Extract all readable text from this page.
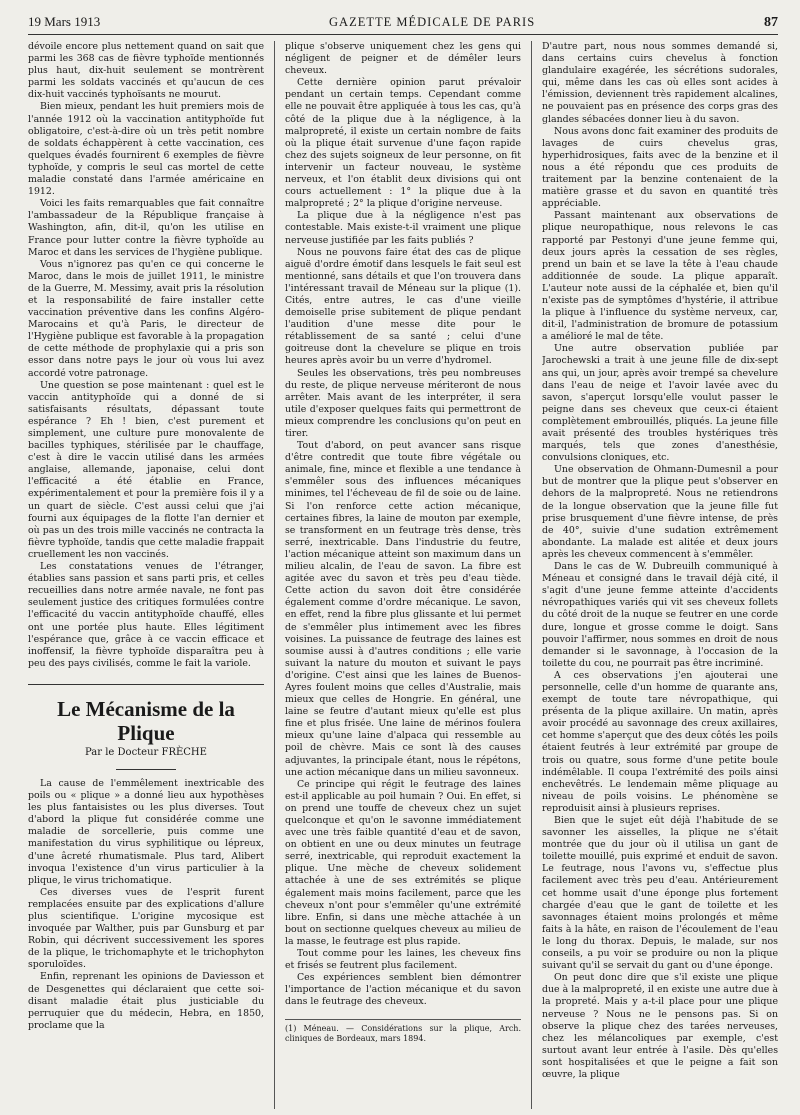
19 Mars 1913	GAZETTE MÉDICALE DE PARIS	87

dévoile encore plus nettement quand on sait que parmi les 368 cas de fièvre typhoïde mentionnés plus haut, dix-huit seulement se montrèrent parmi les soldats vaccinés et qu'aucun de ces dix-huit vaccinés typhoïsants ne mourut.

Bien mieux, pendant les huit premiers mois de l'année 1912 où la vaccination antityphoïde fut obligatoire, c'est-à-dire où un très petit nombre de soldats échappèrent à cette vaccination, ces quelques évadés fournirent 6 exemples de fièvre typhoïde, y compris le seul cas mortel de cette maladie constaté dans l'armée américaine en 1912.

Voici les faits remarquables que fait connaître l'ambassadeur de la République française à Washington, afin, dit-il, qu'on les utilise en France pour lutter contre la fièvre typhoïde au Maroc et dans les services de l'hygiène publique.

Vous n'ignorez pas qu'en ce qui concerne le Maroc, dans le mois de juillet 1911, le ministre de la Guerre, M. Messimy, avait pris la résolution et la responsabilité de faire installer cette vaccination préventive dans les confins Algéro-Marocains et qu'à Paris, le directeur de l'Hygiène publique est favorable à la propagation de cette méthode de prophylaxie qui a pris son essor dans notre pays le jour où vous lui avez accordé votre patronage.

Une question se pose maintenant : quel est le vaccin antityphoïde qui a donné de si satisfaisants résultats, dépassant toute espérance ? Eh ! bien, c'est purement et simplement, une culture pure monovalente de bacilles typhiques, stérilisée par le chauffage, c'est à dire le vaccin utilisé dans les armées anglaise, allemande, japonaise, celui dont l'efficacité a été établie en France, expérimentalement et pour la première fois il y a un quart de siècle. C'est aussi celui que j'ai fourni aux équipages de la flotte l'an dernier et où pas un des trois mille vaccinés ne contracta la fièvre typhoïde, tandis que cette maladie frappait cruellement les non vaccinés.

Les constatations venues de l'étranger, établies sans passion et sans parti pris, et celles recueillies dans notre armée navale, ne font pas seulement justice des critiques formulées contre l'efficacité du vaccin antityphoïde chauffé, elles ont une portée plus haute. Elles légitiment l'espérance que, grâce à ce vaccin efficace et inoffensif, la fièvre typhoïde disparaîtra peu à peu des pays civilisés, comme le fait la variole.

Le Mécanisme de la Plique
Par le Docteur FRÈCHE

La cause de l'emmêlement inextricable des poils ou « plique » a donné lieu aux hypothèses les plus fantaisistes ou les plus diverses. Tout d'abord la plique fut considérée comme une maladie de sorcellerie, puis comme une manifestation du virus syphilitique ou lépreux, d'une âcreté rhumatismale. Plus tard, Alibert invoqua l'existence d'un virus particulier à la plique, le virus trichomatique.

Ces diverses vues de l'esprit furent remplacées ensuite par des explications d'allure plus scientifique. L'origine mycosique est invoquée par Walther, puis par Gunsburg et par Robin, qui décrivent successivement les spores de la plique, le trichomaphyte et le trichophyton sporuloïdes.

Enfin, reprenant les opinions de Daviesson et de Desgenettes qui déclaraient que cette soi-disant maladie était plus justiciable du perruquier que du médecin, Hebra, en 1850, proclame que la

plique s'observe uniquement chez les gens qui négligent de peigner et de démêler leurs cheveux.

Cette dernière opinion parut prévaloir pendant un certain temps. Cependant comme elle ne pouvait être appliquée à tous les cas, qu'à côté de la plique due à la négligence, à la malpropreté, il existe un certain nombre de faits où la plique était survenue d'une façon rapide chez des sujets soigneux de leur personne, on fit intervenir un facteur nouveau, le système nerveux, et l'on établit deux divisions qui ont cours actuellement : 1° la plique due à la malpropreté ; 2° la plique d'origine nerveuse.

La plique due à la négligence n'est pas contestable. Mais existe-t-il vraiment une plique nerveuse justifiée par les faits publiés ?

Nous ne pouvons faire état des cas de plique aiguë d'ordre émotif dans lesquels le fait seul est mentionné, sans détails et que l'on trouvera dans l'intéressant travail de Méneau sur la plique (1). Cités, entre autres, le cas d'une vieille demoiselle prise subitement de plique pendant l'audition d'une messe dite pour le rétablissement de sa santé ; celui d'une goitreuse dont la chevelure se plique en trois heures après avoir bu un verre d'hydromel.

Seules les observations, très peu nombreuses du reste, de plique nerveuse mériteront de nous arrêter. Mais avant de les interpréter, il sera utile d'exposer quelques faits qui permettront de mieux comprendre les conclusions qu'on peut en tirer.

Tout d'abord, on peut avancer sans risque d'être contredit que toute fibre végétale ou animale, fine, mince et flexible a une tendance à s'emmêler sous des influences mécaniques minimes, tel l'écheveau de fil de soie ou de laine. Si l'on renforce cette action mécanique, certaines fibres, la laine de mouton par exemple, se transforment en un feutrage très dense, très serré, inextricable. Dans l'industrie du feutre, l'action mécanique atteint son maximum dans un milieu alcalin, de l'eau de savon. La fibre est agitée avec du savon et très peu d'eau tiède. Cette action du savon doit être considérée également comme d'ordre mécanique. Le savon, en effet, rend la fibre plus glissante et lui permet de s'emmêler plus intimement avec les fibres voisines. La puissance de feutrage des laines est soumise aussi à d'autres conditions ; elle varie suivant la nature du mouton et suivant le pays d'origine. C'est ainsi que les laines de Buenos-Ayres foulent moins que celles d'Australie, mais mieux que celles de Hongrie. En général, une laine se feutre d'autant mieux qu'elle est plus fine et plus frisée. Une laine de mérinos foulera mieux qu'une laine d'alpaca qui ressemble au poil de chèvre. Mais ce sont là des causes adjuvantes, la principale étant, nous le répétons, une action mécanique dans un milieu savonneux.

Ce principe qui régit le feutrage des laines est-il applicable au poil humain ? Oui. En effet, si on prend une touffe de cheveux chez un sujet quelconque et qu'on le savonne immédiatement avec une très faible quantité d'eau et de savon, on obtient en une ou deux minutes un feutrage serré, inextricable, qui reproduit exactement la plique. Une mèche de cheveux solidement attachée à une de ses extrémités se plique également mais moins facilement, parce que les cheveux n'ont pour s'emmêler qu'une extrémité libre. Enfin, si dans une mèche attachée à un bout on sectionne quelques cheveux au milieu de la masse, le feutrage est plus rapide.

Tout comme pour les laines, les cheveux fins et frisés se feutrent plus facilement.

Ces expériences semblent bien démontrer l'importance de l'action mécanique et du savon dans le feutrage des cheveux.

(1) Méneau. — Considérations sur la plique, Arch. cliniques de Bordeaux, mars 1894.

D'autre part, nous nous sommes demandé si, dans certains cuirs chevelus à fonction glandulaire exagérée, les sécrétions sudorales, qui, même dans les cas où elles sont acides à l'émission, deviennent très rapidement alcalines, ne pouvaient pas en présence des corps gras des glandes sébacées donner lieu à du savon.

Nous avons donc fait examiner des produits de lavages de cuirs chevelus gras, hyperhidrosiques, faits avec de la benzine et il nous a été répondu que ces produits de traitement par la benzine contenaient de la matière grasse et du savon en quantité très appréciable.

Passant maintenant aux observations de plique neuropathique, nous relevons le cas rapporté par Pestonyi d'une jeune femme qui, deux jours après la cessation de ses règles, prend un bain et se lave la tête à l'eau chaude additionnée de soude. La plique apparaît. L'auteur note aussi de la céphalée et, bien qu'il n'existe pas de symptômes d'hystérie, il attribue la plique à l'influence du système nerveux, car, dit-il, l'administration de bromure de potassium a amélioré le mal de tête.

Une autre observation publiée par Jarochewski a trait à une jeune fille de dix-sept ans qui, un jour, après avoir trempé sa chevelure dans l'eau de neige et l'avoir lavée avec du savon, s'aperçut lorsqu'elle voulut passer le peigne dans ses cheveux que ceux-ci étaient complètement embrouillés, pliqués. La jeune fille avait présenté des troubles hystériques très marqués, tels que zones d'anesthésie, convulsions cloniques, etc.

Une observation de Ohmann-Dumesnil a pour but de montrer que la plique peut s'observer en dehors de la malpropreté. Nous ne retiendrons de la longue observation que la jeune fille fut prise brusquement d'une fièvre intense, de près de 40°, suivie d'une sudation extrêmement abondante. La malade est alitée et deux jours après les cheveux commencent à s'emmêler.

Dans le cas de W. Dubreuilh communiqué à Méneau et consigné dans le travail déjà cité, il s'agit d'une jeune femme atteinte d'accidents névropathiques variés qui vit ses cheveux follets du côté droit de la nuque se feutrer en une corde dure, longue et grosse comme le doigt. Sans pouvoir l'affirmer, nous sommes en droit de nous demander si le savonnage, à l'occasion de la toilette du cou, ne pourrait pas être incriminé.

A ces observations j'en ajouterai une personnelle, celle d'un homme de quarante ans, exempt de toute tare névropathique, qui présenta de la plique axillaire. Un matin, après avoir procédé au savonnage des creux axillaires, cet homme s'aperçut que des deux côtés les poils étaient feutrés à leur extrémité par groupe de trois ou quatre, sous forme d'une petite boule indémêlable. Il coupa l'extrémité des poils ainsi enchevêtrés. Le lendemain même pliquage au niveau de poils voisins. Le phénomène se reproduisit ainsi à plusieurs reprises.

Bien que le sujet eût déjà l'habitude de se savonner les aisselles, la plique ne s'était montrée que du jour où il utilisa un gant de toilette mouillé, puis exprimé et enduit de savon. Le feutrage, nous l'avons vu, s'effectue plus facilement avec très peu d'eau. Antérieurement cet homme usait d'une éponge plus fortement chargée d'eau que le gant de toilette et les savonnages étaient moins prolongés et même faits à la hâte, en raison de l'écoulement de l'eau le long du thorax. Depuis, le malade, sur nos conseils, a pu voir se produire ou non la plique suivant qu'il se servait du gant ou d'une éponge.

On peut donc dire que s'il existe une plique due à la malpropreté, il en existe une autre due à la propreté. Mais y a-t-il place pour une plique nerveuse ? Nous ne le pensons pas. Si on observe la plique chez des tarées nerveuses, chez les mélancoliques par exemple, c'est surtout avant leur entrée à l'asile. Dès qu'elles sont hospitalisées et que le peigne a fait son œuvre, la plique
